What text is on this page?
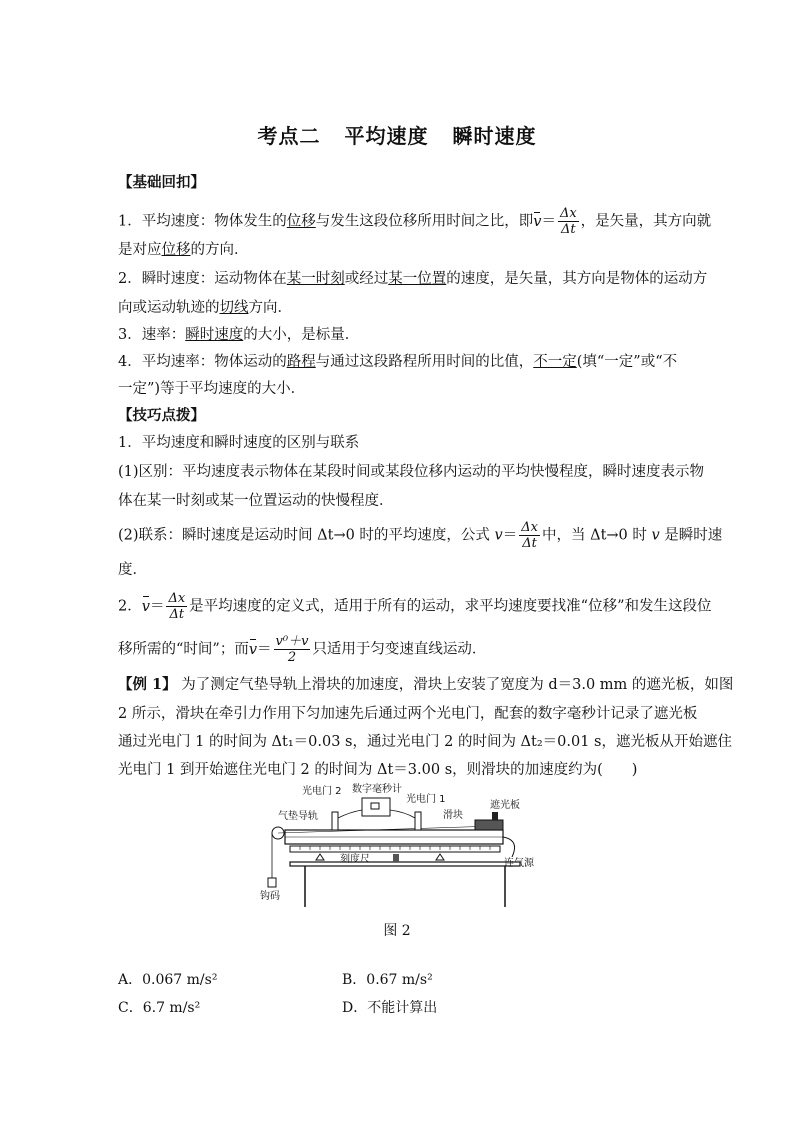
考点二 平均速度 瞬时速度
【基础回扣】
1．平均速度：物体发生的位移与发生这段位移所用时间之比，即$v= \frac{\Delta x}{\Delta t}$ ，是矢量，其方向就
是对应位移的方向．
2．瞬时速度：运动物体在某一时刻或经过某一位置的速度，是矢量，其方向是物体的运动方
向或运动轨迹的切线方向．
3．速率：瞬时速度的大小，是标量．
4．平均速率：物体运动的路程与通过这段路程所用时间的比值，不一定(填“一定”或“不
一定”)等于平均速度的大小．
【技巧点拨】
1．平均速度和瞬时速度的区别与联系
(1)区别：平均速度表示物体在某段时间或某段位移内运动的平均快慢程度，瞬时速度表示物
体在某一时刻或某一位置运动的快慢程度．
(2)联系：瞬时速度是运动时间 Δt→0 时的平均速度，公式 $v= \frac{\Delta x}{\Delta t}$ 中，当 Δt→0 时 v 是瞬时速
度．
2．$v= \frac{\Delta x}{\Delta t}$ 是平均速度的定义式，适用于所有的运动，求平均速度要找准“位移”和发生这段位
移所需的“时间”；而$v= \frac{\text{v⁰＋v}}{2}$ 只适用于匀变速直线运动．
【例 1】 为了测定气垫导轨上滑块的加速度，滑块上安装了宽度为 d＝3.0 mm 的遮光板，如图
2 所示，滑块在牵引力作用下匀加速先后通过两个光电门，配套的数字毫秒计记录了遮光板
通过光电门 1 的时间为 Δt₁＝0.03 s，通过光电门 2 的时间为 Δt₂＝0.01 s，遮光板从开始遮住
光电门 1 到开始遮住光电门 2 的时间为 Δt＝3.00 s，则滑块的加速度约为(　　)
光电门 2 数字毫秒计
光电门 1
气垫导轨	滑块
遮光板
刻度尺	连气源
钩码
图 2
A．0.067 m/s²	B．0.67 m/s²
C．6.7 m/s²	D．不能计算出
